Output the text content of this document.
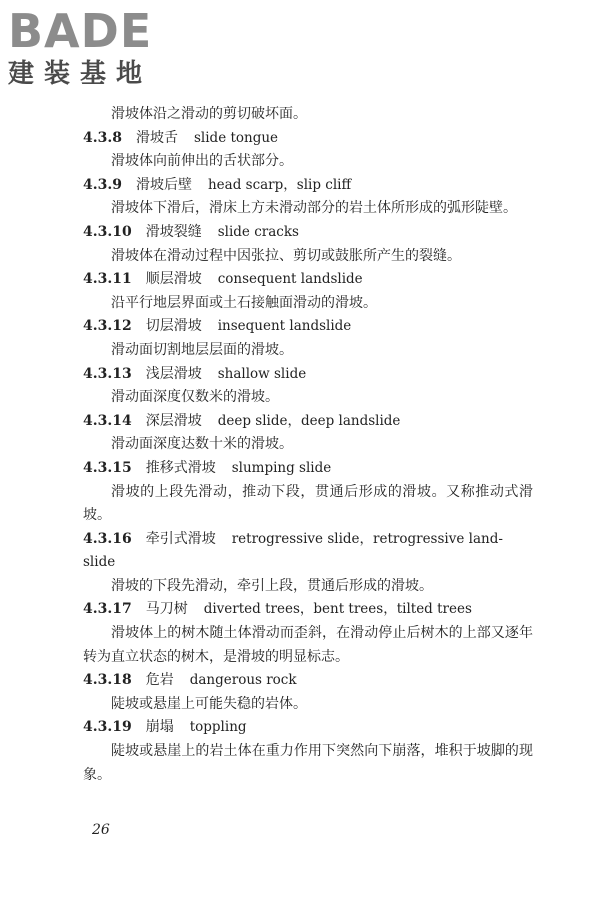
BADE
建装基地
滑坡体沿之滑动的剪切破坏面。
4.3.8 滑坡舌 slide tongue
滑坡体向前伸出的舌状部分。
4.3.9 滑坡后壁 head scarp，slip cliff
滑坡体下滑后，滑床上方未滑动部分的岩土体所形成的弧形陡壁。
4.3.10 滑坡裂缝 slide cracks
滑坡体在滑动过程中因张拉、剪切或鼓胀所产生的裂缝。
4.3.11 顺层滑坡 consequent landslide
沿平行地层界面或土石接触面滑动的滑坡。
4.3.12 切层滑坡 insequent landslide
滑动面切割地层层面的滑坡。
4.3.13 浅层滑坡 shallow slide
滑动面深度仅数米的滑坡。
4.3.14 深层滑坡 deep slide，deep landslide
滑动面深度达数十米的滑坡。
4.3.15 推移式滑坡 slumping slide
滑坡的上段先滑动，推动下段，贯通后形成的滑坡。又称推动式滑坡。
4.3.16 牵引式滑坡 retrogressive slide，retrogressive land-slide
滑坡的下段先滑动，牵引上段，贯通后形成的滑坡。
4.3.17 马刀树 diverted trees，bent trees，tilted trees
滑坡体上的树木随土体滑动而歪斜，在滑动停止后树木的上部又逐年转为直立状态的树木，是滑坡的明显标志。
4.3.18 危岩 dangerous rock
陡坡或悬崖上可能失稳的岩体。
4.3.19 崩塌 toppling
陡坡或悬崖上的岩土体在重力作用下突然向下崩落，堆积于坡脚的现象。
26
